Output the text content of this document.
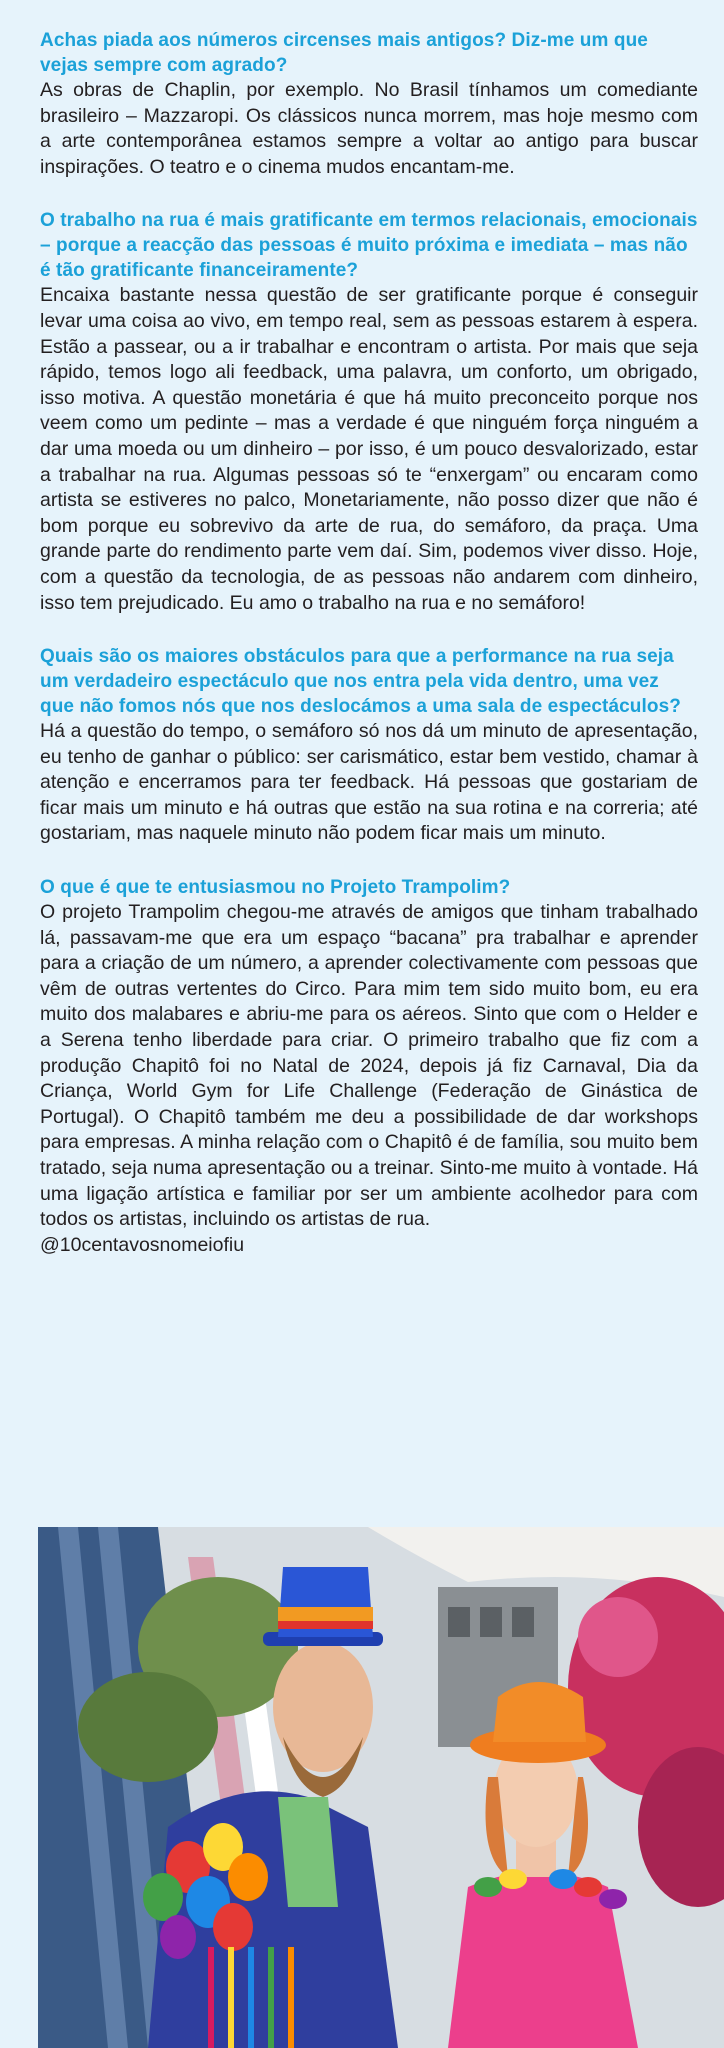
Achas piada aos números circenses mais antigos? Diz-me um que vejas sempre com agrado?

As obras de Chaplin, por exemplo. No Brasil tínhamos um comediante brasileiro – Mazzaropi. Os clássicos nunca morrem, mas hoje mesmo com a arte contemporânea estamos sempre a voltar ao antigo para buscar inspirações. O teatro e o cinema mudos encantam-me.

O trabalho na rua é mais gratificante em termos relacionais, emocionais – porque a reacção das pessoas é muito próxima e imediata – mas não é tão gratificante financeiramente?

Encaixa bastante nessa questão de ser gratificante porque é conseguir levar uma coisa ao vivo, em tempo real, sem as pessoas estarem à espera. Estão a passear, ou a ir trabalhar e encontram o artista. Por mais que seja rápido, temos logo ali feedback, uma palavra, um conforto, um obrigado, isso motiva. A questão monetária é que há muito preconceito porque nos veem como um pedinte – mas a verdade é que ninguém força ninguém a dar uma moeda ou um dinheiro – por isso, é um pouco desvalorizado, estar a trabalhar na rua. Algumas pessoas só te “enxergam” ou encaram como artista se estiveres no palco, Monetariamente, não posso dizer que não é bom porque eu sobrevivo da arte de rua, do semáforo, da praça. Uma grande parte do rendimento parte vem daí. Sim, podemos viver disso. Hoje, com a questão da tecnologia, de as pessoas não andarem com dinheiro, isso tem prejudicado. Eu amo o trabalho na rua e no semáforo!

Quais são os maiores obstáculos para que a performance na rua seja um verdadeiro espectáculo que nos entra pela vida dentro, uma vez que não fomos nós que nos deslocámos a uma sala de espectáculos?

Há a questão do tempo, o semáforo só nos dá um minuto de apresentação, eu tenho de ganhar o público: ser carismático, estar bem vestido, chamar à atenção e encerramos para ter feedback. Há pessoas que gostariam de ficar mais um minuto e há outras que estão na sua rotina e na correria; até gostariam, mas naquele minuto não podem ficar mais um minuto.

O que é que te entusiasmou no Projeto Trampolim?

O projeto Trampolim chegou-me através de amigos que tinham trabalhado lá, passavam-me que era um espaço “bacana” pra trabalhar e aprender para a criação de um número, a aprender colectivamente com pessoas que vêm de outras vertentes do Circo. Para mim tem sido muito bom, eu era muito dos malabares e abriu-me para os aéreos. Sinto que com o Helder e a Serena tenho liberdade para criar. O primeiro trabalho que fiz com a produção Chapitô foi no Natal de 2024, depois já fiz Carnaval, Dia da Criança, World Gym for Life Challenge (Federação de Ginástica de Portugal). O Chapitô também me deu a possibilidade de dar workshops para empresas. A minha relação com o Chapitô é de família, sou muito bem tratado, seja numa apresentação ou a treinar. Sinto-me muito à vontade. Há uma ligação artística e familiar por ser um ambiente acolhedor para com todos os artistas, incluindo os artistas de rua.

@10centavosnomeiofiu
